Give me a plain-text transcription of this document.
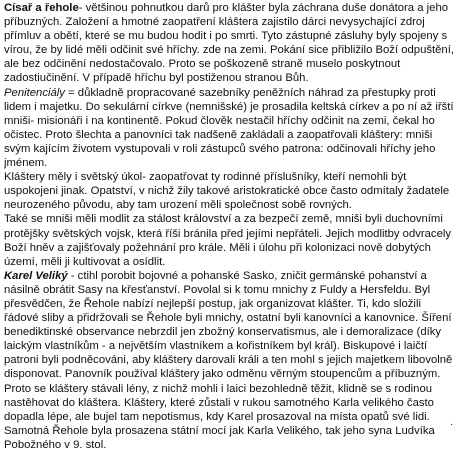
Císař a řehole- většinou pohnutkou darů pro klášter byla záchrana duše donátora a jeho
příbuzných. Založení a hmotné zaopatření kláštera zajistilo dárci nevysychající zdroj
přímluv a obětí, které se mu budou hodit i po smrti. Tyto zástupné zásluhy byly spojeny s
vírou, že by lidé měli odčinit své hříchy. zde na zemi. Pokání sice přibližilo Boží odpuštění,
ale bez odčinění nedostačovalo. Proto se poškozeně straně muselo poskytnout
zadostiučinění. V případě hříchu byl postiženou stranou Bůh.
Penitenciály = důkladně propracované sazebníky peněžních náhrad za přestupky proti
lidem i majetku. Do sekulární církve (nemnišské) je prosadila keltská církev a po ní až iřští
mniši- misionáři i na kontinentě. Pokud člověk nestačil hříchy odčinit na zemi, čekal ho
očistec. Proto šlechta a panovníci tak nadšeně zakládali a zaopatřovali kláštery: mniši
svým kajícím životem vystupovali v roli zástupců svého patrona: odčinovali hříchy jeho
jménem.
Kláštery měly i světský úkol- zaopatřovat ty rodinné příslušníky, kteří nemohli být
uspokojeni jinak. Opatství, v nichž žily takové aristokratické obce často odmítaly žadatele
neurozeného původu, aby tam urození měli společnost sobě rovných.
Také se mniši měli modlit za stálost království a za bezpečí země, mniši byli duchovními
protějšky světských vojsk, která říši bránila před jejími nepřáteli. Jejich modlitby odvracely
Boží hněv a zajišťovaly požehnání pro krále. Měli i úlohu při kolonizaci nově dobytých
území, měli ji kultivovat a osídlit.
Karel Veliký - ctihl porobit bojovné a pohanské Sasko, zničit germánské pohanství a
násilně obrátit Sasy na křesťanství. Povolal si k tomu mnichy z Fuldy a Hersfeldu. Byl
přesvědčen, že Řehole nabízí nejlepší postup, jak organizovat klášter. Ti, kdo složili
řádové sliby a přidržovali se Řehole byli mnichy, ostatní byli kanovníci a kanovnice. Šíření
benediktinské observance nebrzdil jen zbožný konservatismus, ale i demoralizace (díky
laickým vlastníkům - a největším vlastníkem a kořistníkem byl král). Biskupové i laičtí
patroni byli podněcováni, aby kláštery darovali králi a ten mohl s jejich majetkem libovolně
disponovat. Panovník používal kláštery jako odměnu věrným stoupencům a příbuzným.
Proto se kláštery stávali lény, z nichž mohli i laici bezohledně těžit, klidně se s rodinou
nastěhovat do kláštera. Kláštery, které zůstali v rukou samotného Karla velikého často
dopadla lépe, ale bujel tam nepotismus, kdy Karel prosazoval na místa opatů své lidi.
Samotná Řehole byla prosazena státní mocí jak Karla Velikého, tak jeho syna Ludvíka
Pobožného v 9. stol.
.
